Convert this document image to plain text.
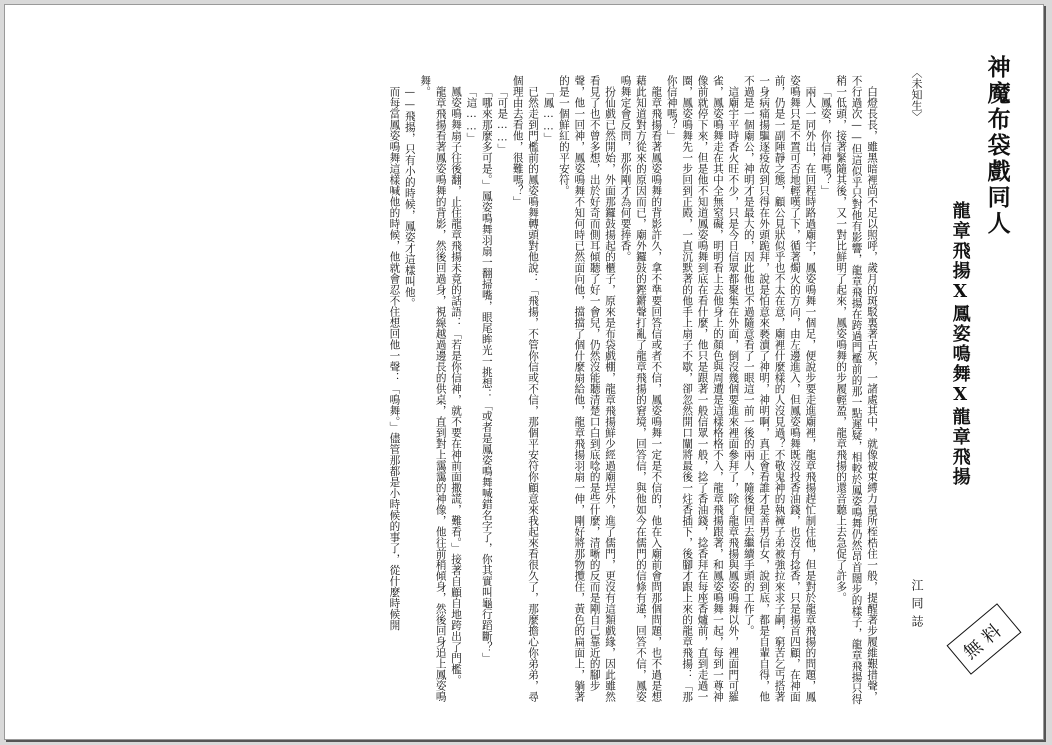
神魔布袋戲同人
龍章飛揚X鳳姿鳴舞X龍章飛揚
〈未知生〉
江同誌
無料

白燈長長，雖黑暗裡尚不足以照呼，歲月的斑駁裏著古灰，一諸處其中，就像被束縛力量所桎梏住一般，提醒著步履維艱措聲，不行過次——但這似乎只對他有影響，龍章飛揚在跨過門檻前的那一點遲疑，相較於鳳姿鳴舞仍然昂首闊步的樣子，龍章飛揚只得稍一低頭，接著緊隨其後，又一對比鮮明了起來，鳳姿鳴舞的步履輕盈，龍章飛揚的還音聽上去急促了許多。

「鳳姿，你信神嗎？」

兩人一同外出，在回程時路過廟宇，鳳姿鳴舞一個足，便說步要走進廟裡，龍章飛揚趕忙制住他，但是對於龍章飛揚的問題，鳳姿鳴舞只是不置可否地輕嘆了下，循著燭火的方向，由左邊進入，但鳳姿鳴舞既沒投香油錢，也沒有捻香，只是揚首四顧，在神面前，仍是一副陣靜之態，顧公見狀似乎也不太在意，廟裡什麼樣的人沒見過？不敬鬼神的執褲子弟被強拉來求子嗣，窮苦乞丐搭著一身病痛揚驅逐疫故到只得在外頭跪拜，說是怕意來褻瀆了神明，神明啊，真正會看誰才是善男信女，說到底，都是自輩自得，他不過是一個廟公，神明才是最大的，因此他也不過隨意看了一眼這一前一後的兩人，隨後便回去繼續手頭的工作了。

這廟宇平時香火旺不少，只是今日信眾都聚集在外面，倒沒幾個要進來裡面參拜了，除了龍章飛揚與鳳姿鳴舞以外，裡面門可羅雀，鳳姿鳴舞走在其中全無窒礙，明明看上去他身上的顏色與周遭是這樣格格不入，龍章飛揚跟著，和鳳姿鳴舞一起，每到一尊神像前就停下來，但是他不知道鳳姿鳴舞到底在看什麼，他只是跟著一般信眾一般，捻了香油錢，捻香拜在每座香爐前，直到走過一圈，鳳姿鳴舞先一步回到正殿，一直沉默著的他手上扇子不歇，卻忽然開口闡將最後一炷香插下，後腳才跟上來的龍章飛揚：「那你信神嗎？」

龍章飛揚看著鳳姿鳴舞的背影許久，拿不準要回答信或者不信，鳳姿鳴舞一定是不信的，他在入廟前會問那個問題，也不過是想藉此知道對方從來的原因而已，廟外鑼鼓的鏗鏘聲打亂了龍章飛揚的窘境，回答信，與他如今在儒門的信條有違，回答不信，鳳姿鳴舞定會反問，那你剛才為何要捧香。

扮仙戲已然開始，外面那鑼鼓揚起的櫃子，原來是布袋戲棚，龍章飛揚鮮少經過廟埕外，進了儒門，更沒有這類戲緣，因此雖然看見了也不曾多想，出於好奇而側耳傾聽了好一會兒，仍然沒能聽清楚口白到底唸的是些什麼，清晰的反而是剛自己靠近的腳步聲，他一回神，鳳姿鳴舞不知何時已然面向他，擋擋了個什麼扇給他，龍章飛揚羽扇一伸，剛好將那物攬住，黃色的扁面上，躺著的是一個鮮紅的平安符。

「鳳……」

已然走到門檻前的鳳姿鳴舞轉頭對他說：「飛揚，不管你信或不信，那個平安符你顧意來我起來看很久了，那麼擔心你弟弟，尋個理由去看他，很難嗎？」

「可是……」

「哪來那麼多可是。」鳳姿鳴舞羽扇一翻掃嘴，眼尾眸光一挑想：「或者是鳳姿鳴舞喊錯名字了，你其實叫龜行蹈斷？」

「這……」

鳳姿鳴舞扇子往後翻，止住龍章飛揚未竟的話語：「若是你信神，就不要在神前面撒謊，難看。」接著自顧自地跨出了門檻。

龍章飛揚看著鳳姿鳴舞的背影，然後回過身，視線越過邊長的供桌，直到對上靄靄的神像，他往前稍傾身，然後回身追上鳳姿鳴舞。

——飛揚，只有小的時候，鳳姿才這樣叫他。

而每當鳳姿鳴舞這樣喊他的時候，他就會忍不住想回他一聲：「鳴舞。」儘管那都是小時候的事了，從什麼時候開
